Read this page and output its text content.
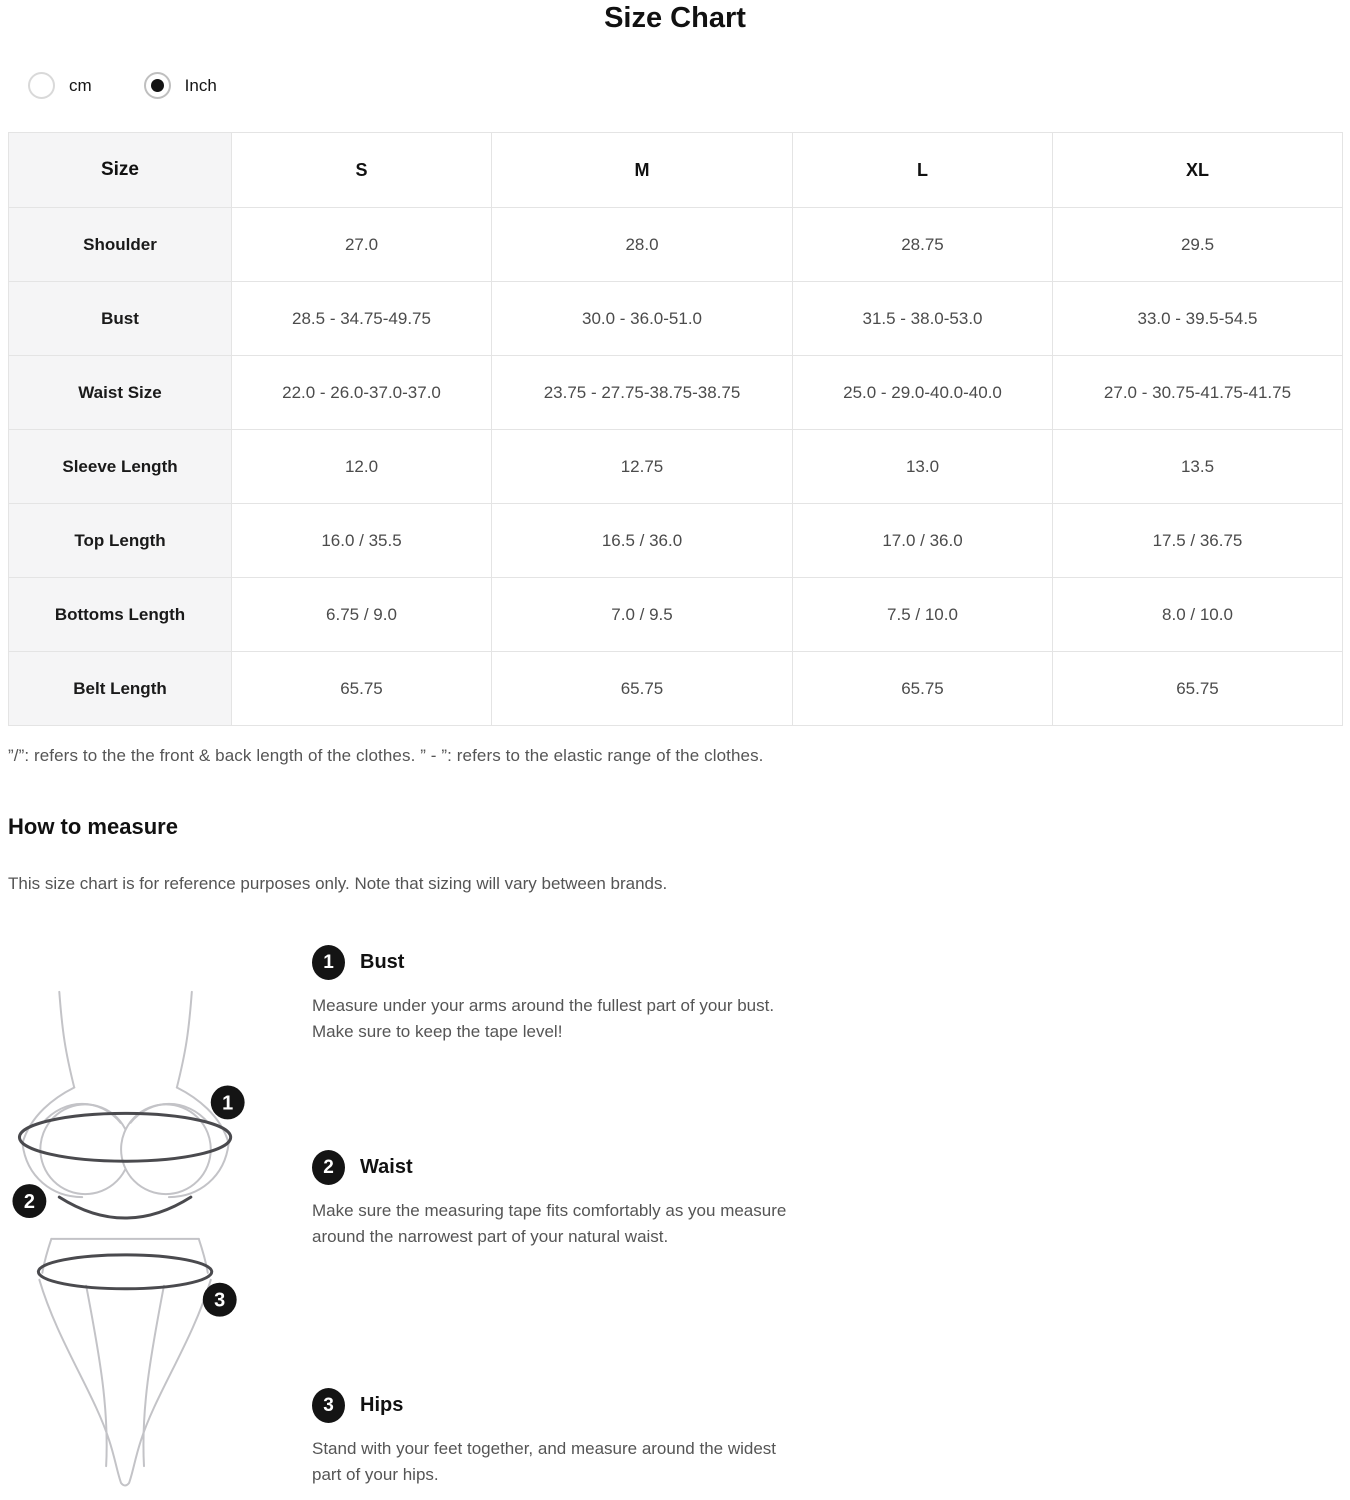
Size Chart
cm	Inch
Size	S	M	L	XL
Shoulder	27.0	28.0	28.75	29.5
Bust	28.5 - 34.75-49.75	30.0 - 36.0-51.0	31.5 - 38.0-53.0	33.0 - 39.5-54.5
Waist Size	22.0 - 26.0-37.0-37.0	23.75 - 27.75-38.75-38.75	25.0 - 29.0-40.0-40.0	27.0 - 30.75-41.75-41.75
Sleeve Length	12.0	12.75	13.0	13.5
Top Length	16.0 / 35.5	16.5 / 36.0	17.0 / 36.0	17.5 / 36.75
Bottoms Length	6.75 / 9.0	7.0 / 9.5	7.5 / 10.0	8.0 / 10.0
Belt Length	65.75	65.75	65.75	65.75

”/”: refers to the the front & back length of the clothes. ” - ”: refers to the elastic range of the clothes.

How to measure

This size chart is for reference purposes only. Note that sizing will vary between brands.

1
2
3
1	Bust

Measure under your arms around the fullest part of your bust. Make sure to keep the tape level!

2	Waist

Make sure the measuring tape fits comfortably as you measure around the narrowest part of your natural waist.

3	Hips

Stand with your feet together, and measure around the widest part of your hips.
